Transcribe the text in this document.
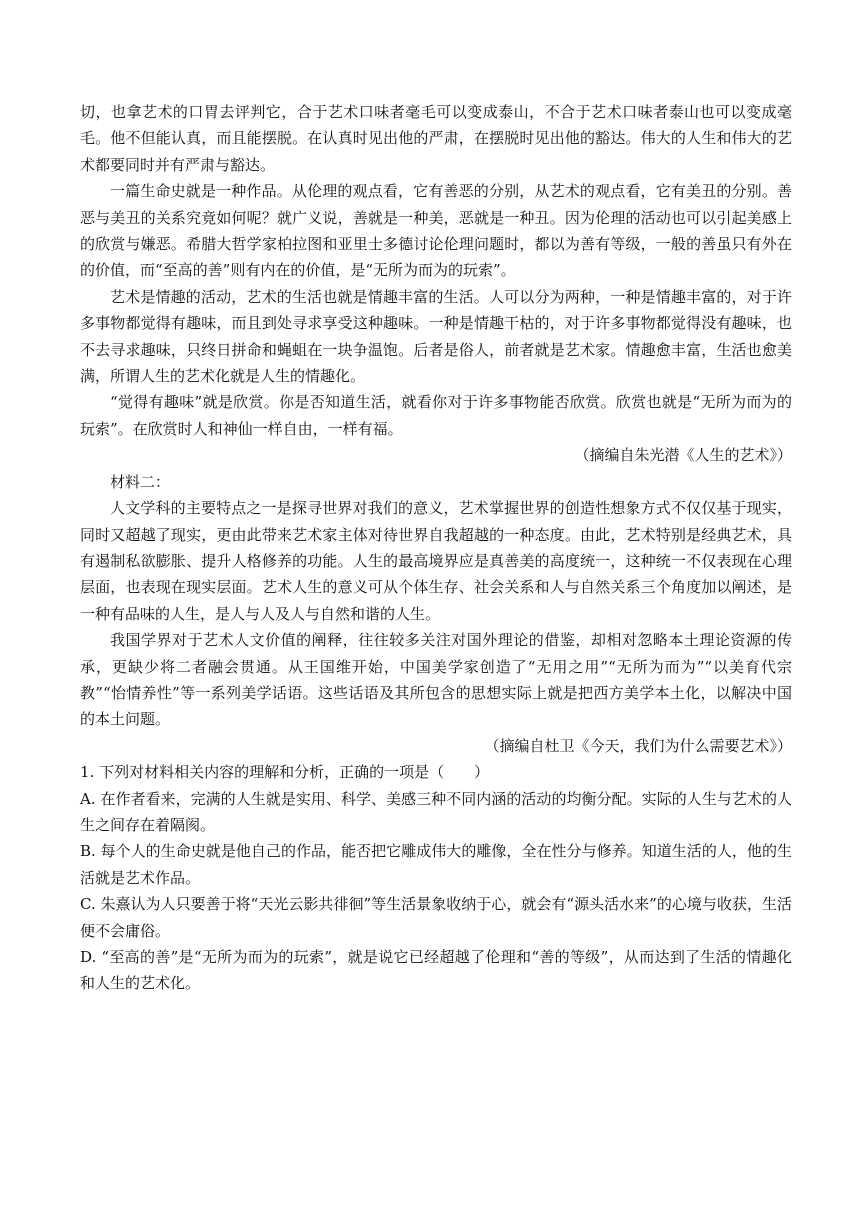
切，也拿艺术的口胃去评判它，合于艺术口味者毫毛可以变成泰山，不合于艺术口味者泰山也可以变成毫毛。他不但能认真，而且能摆脱。在认真时见出他的严肃，在摆脱时见出他的豁达。伟大的人生和伟大的艺术都要同时并有严肃与豁达。

一篇生命史就是一种作品。从伦理的观点看，它有善恶的分别，从艺术的观点看，它有美丑的分别。善恶与美丑的关系究竟如何呢？就广义说，善就是一种美，恶就是一种丑。因为伦理的活动也可以引起美感上的欣赏与嫌恶。希腊大哲学家柏拉图和亚里士多德讨论伦理问题时，都以为善有等级，一般的善虽只有外在的价值，而“至高的善”则有内在的价值，是“无所为而为的玩索”。

艺术是情趣的活动，艺术的生活也就是情趣丰富的生活。人可以分为两种，一种是情趣丰富的，对于许多事物都觉得有趣味，而且到处寻求享受这种趣味。一种是情趣干枯的，对于许多事物都觉得没有趣味，也不去寻求趣味，只终日拼命和蝇蛆在一块争温饱。后者是俗人，前者就是艺术家。情趣愈丰富，生活也愈美满，所谓人生的艺术化就是人生的情趣化。

“觉得有趣味”就是欣赏。你是否知道生活，就看你对于许多事物能否欣赏。欣赏也就是“无所为而为的玩索”。在欣赏时人和神仙一样自由，一样有福。

（摘编自朱光潜《人生的艺术》）

材料二：

人文学科的主要特点之一是探寻世界对我们的意义，艺术掌握世界的创造性想象方式不仅仅基于现实，同时又超越了现实，更由此带来艺术家主体对待世界自我超越的一种态度。由此，艺术特别是经典艺术，具有遏制私欲膨胀、提升人格修养的功能。人生的最高境界应是真善美的高度统一，这种统一不仅表现在心理层面，也表现在现实层面。艺术人生的意义可从个体生存、社会关系和人与自然关系三个角度加以阐述，是一种有品味的人生，是人与人及人与自然和谐的人生。

我国学界对于艺术人文价值的阐释，往往较多关注对国外理论的借鉴，却相对忽略本土理论资源的传承，更缺少将二者融会贯通。从王国维开始，中国美学家创造了“无用之用”“无所为而为”“以美育代宗教”“怡情养性”等一系列美学话语。这些话语及其所包含的思想实际上就是把西方美学本土化，以解决中国的本土问题。

（摘编自杜卫《今天，我们为什么需要艺术》）

1. 下列对材料相关内容的理解和分析，正确的一项是（　　）

A. 在作者看来，完满的人生就是实用、科学、美感三种不同内涵的活动的均衡分配。实际的人生与艺术的人生之间存在着隔阂。

B. 每个人的生命史就是他自己的作品，能否把它雕成伟大的雕像，全在性分与修养。知道生活的人，他的生活就是艺术作品。

C. 朱熹认为人只要善于将“天光云影共徘徊”等生活景象收纳于心，就会有“源头活水来”的心境与收获，生活便不会庸俗。

D. “至高的善”是“无所为而为的玩索”，就是说它已经超越了伦理和“善的等级”，从而达到了生活的情趣化和人生的艺术化。
